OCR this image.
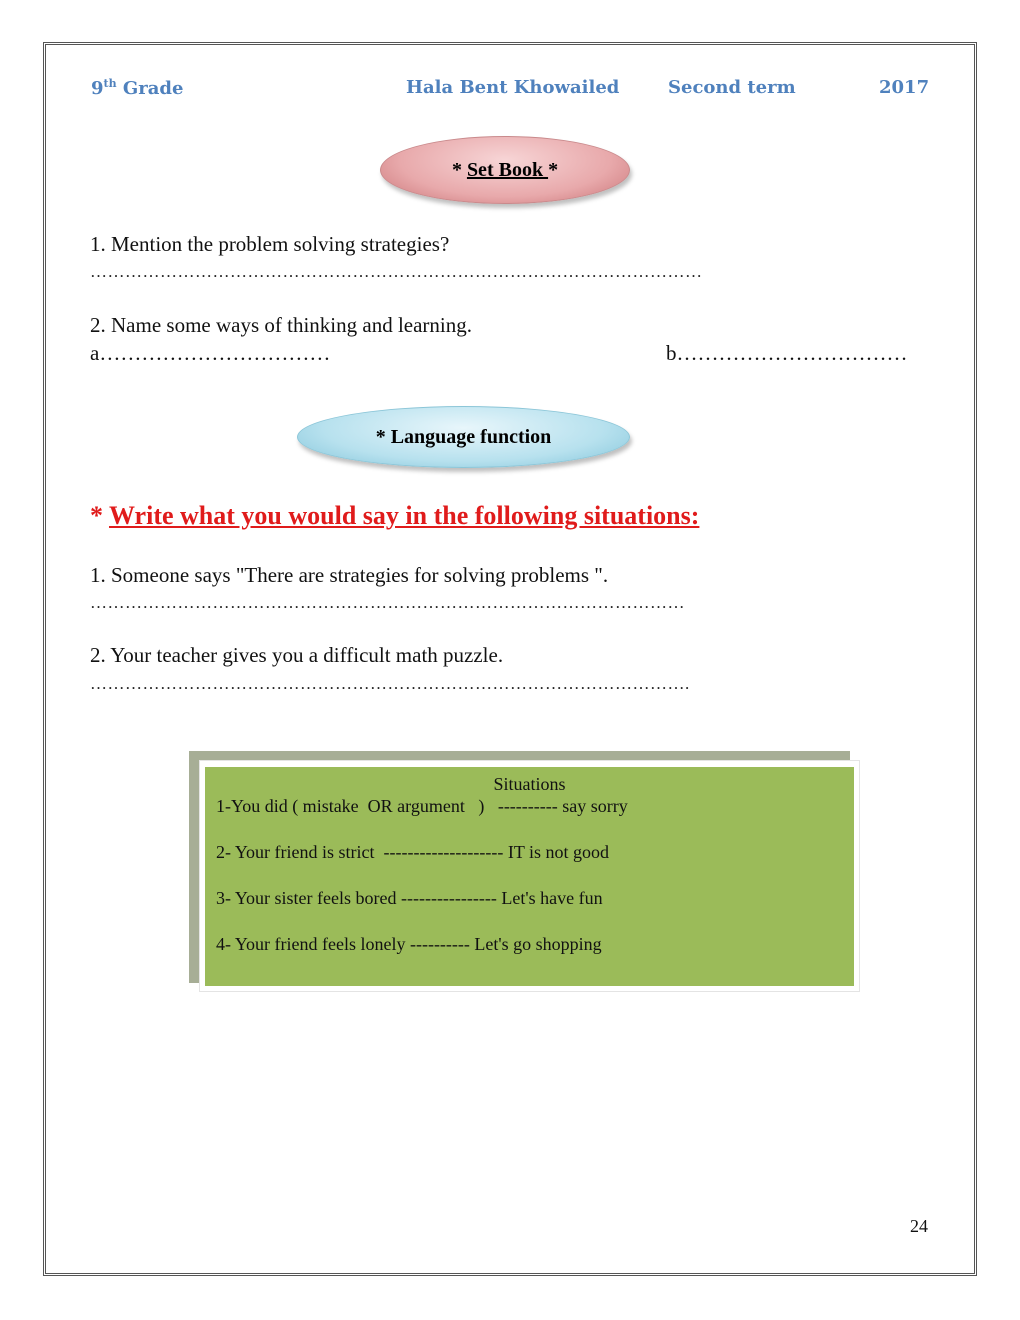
9th Grade	Hala Bent Khowailed	Second term	2017
* Set Book *
1. Mention the problem solving strategies?
……………………………………………………………………………………………
2. Name some ways of thinking and learning.
a……………………………	b……………………………
* Language function
* Write what you would say in the following situations:
1. Someone says "There are strategies for solving problems ".
…………………………………………………………………………………………
2. Your teacher gives you a difficult math puzzle.
………………………………………………………………………………………….
Situations
1-You did ( mistake  OR argument   )   ---------- say sorry
2- Your friend is strict  -------------------- IT is not good
3- Your sister feels bored ---------------- Let's have fun
4- Your friend feels lonely ---------- Let's go shopping
24
